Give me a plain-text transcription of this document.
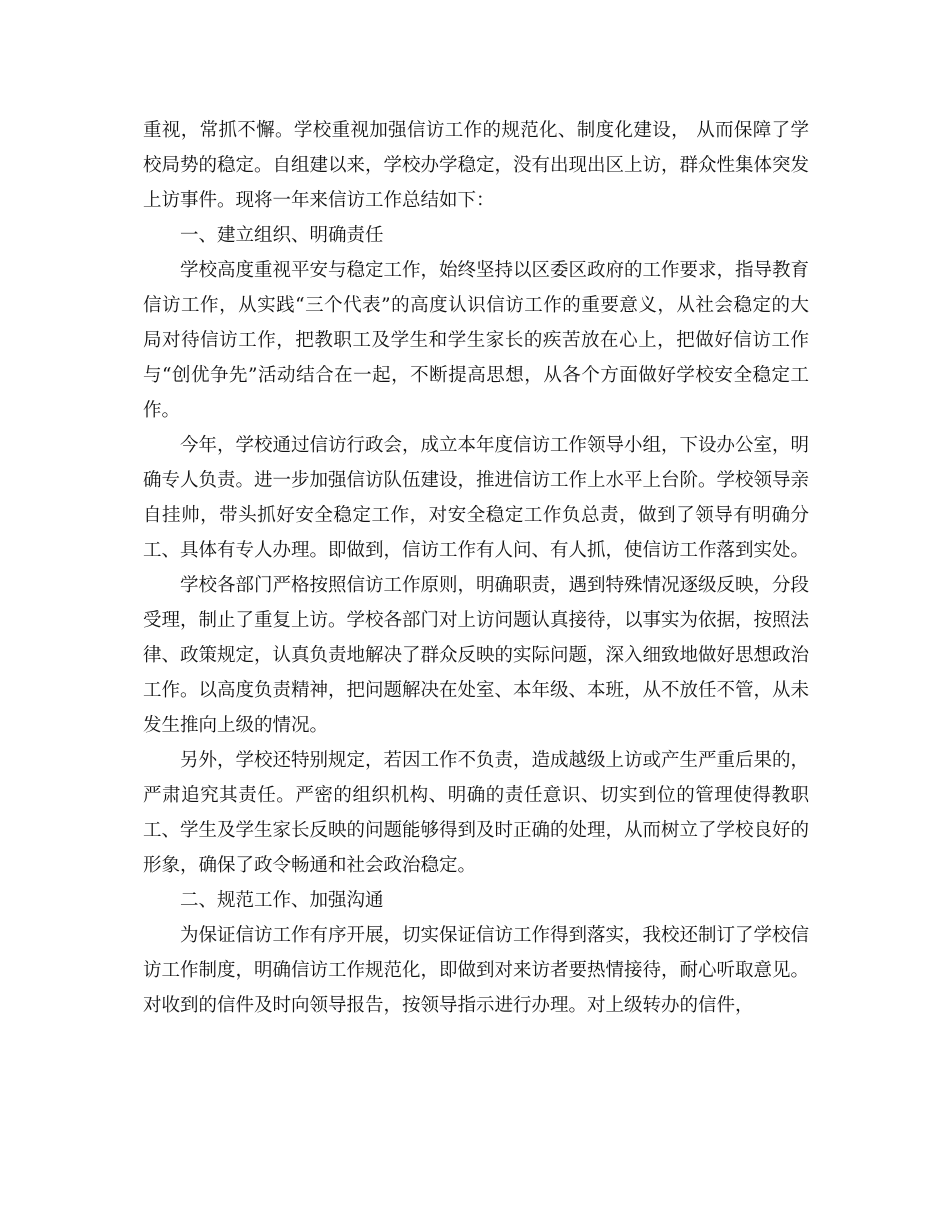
重视，常抓不懈。学校重视加强信访工作的规范化、制度化建设， 从而保障了学校局势的稳定。自组建以来，学校办学稳定，没有出现出区上访，群众性集体突发上访事件。现将一年来信访工作总结如下：

一、建立组织、明确责任

学校高度重视平安与稳定工作，始终坚持以区委区政府的工作要求，指导教育信访工作，从实践“三个代表”的高度认识信访工作的重要意义，从社会稳定的大局对待信访工作，把教职工及学生和学生家长的疾苦放在心上，把做好信访工作与“创优争先”活动结合在一起，不断提高思想，从各个方面做好学校安全稳定工作。

今年，学校通过信访行政会，成立本年度信访工作领导小组，下设办公室，明确专人负责。进一步加强信访队伍建设，推进信访工作上水平上台阶。学校领导亲自挂帅，带头抓好安全稳定工作，对安全稳定工作负总责，做到了领导有明确分工、具体有专人办理。即做到，信访工作有人问、有人抓，使信访工作落到实处。

学校各部门严格按照信访工作原则，明确职责，遇到特殊情况逐级反映，分段受理，制止了重复上访。学校各部门对上访问题认真接待，以事实为依据，按照法律、政策规定，认真负责地解决了群众反映的实际问题，深入细致地做好思想政治工作。以高度负责精神，把问题解决在处室、本年级、本班，从不放任不管，从未发生推向上级的情况。

另外，学校还特别规定，若因工作不负责，造成越级上访或产生严重后果的，严肃追究其责任。严密的组织机构、明确的责任意识、切实到位的管理使得教职工、学生及学生家长反映的问题能够得到及时正确的处理，从而树立了学校良好的形象，确保了政令畅通和社会政治稳定。

二、规范工作、加强沟通

为保证信访工作有序开展，切实保证信访工作得到落实，我校还制订了学校信访工作制度，明确信访工作规范化，即做到对来访者要热情接待，耐心听取意见。对收到的信件及时向领导报告，按领导指示进行办理。对上级转办的信件，
